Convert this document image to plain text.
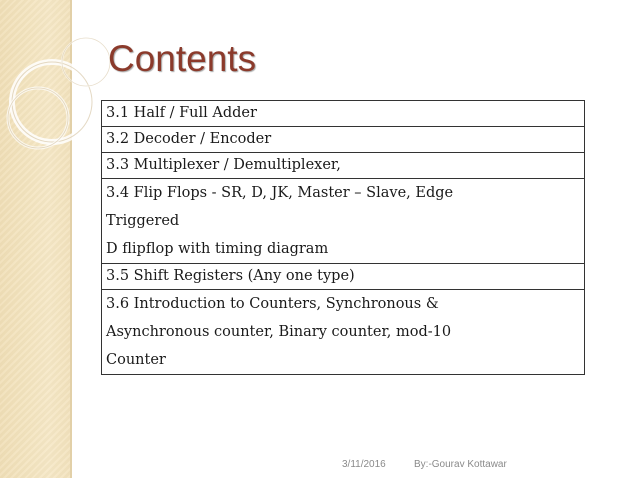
Contents
3.1 Half / Full Adder

3.2 Decoder / Encoder

3.3 Multiplexer / Demultiplexer,

3.4 Flip Flops - SR, D, JK, Master – Slave, Edge
Triggered
D flipflop with timing diagram

3.5 Shift Registers (Any one type)

3.6 Introduction to Counters, Synchronous &
Asynchronous counter, Binary counter, mod-10
Counter
3/11/2016	By:-Gourav Kottawar
